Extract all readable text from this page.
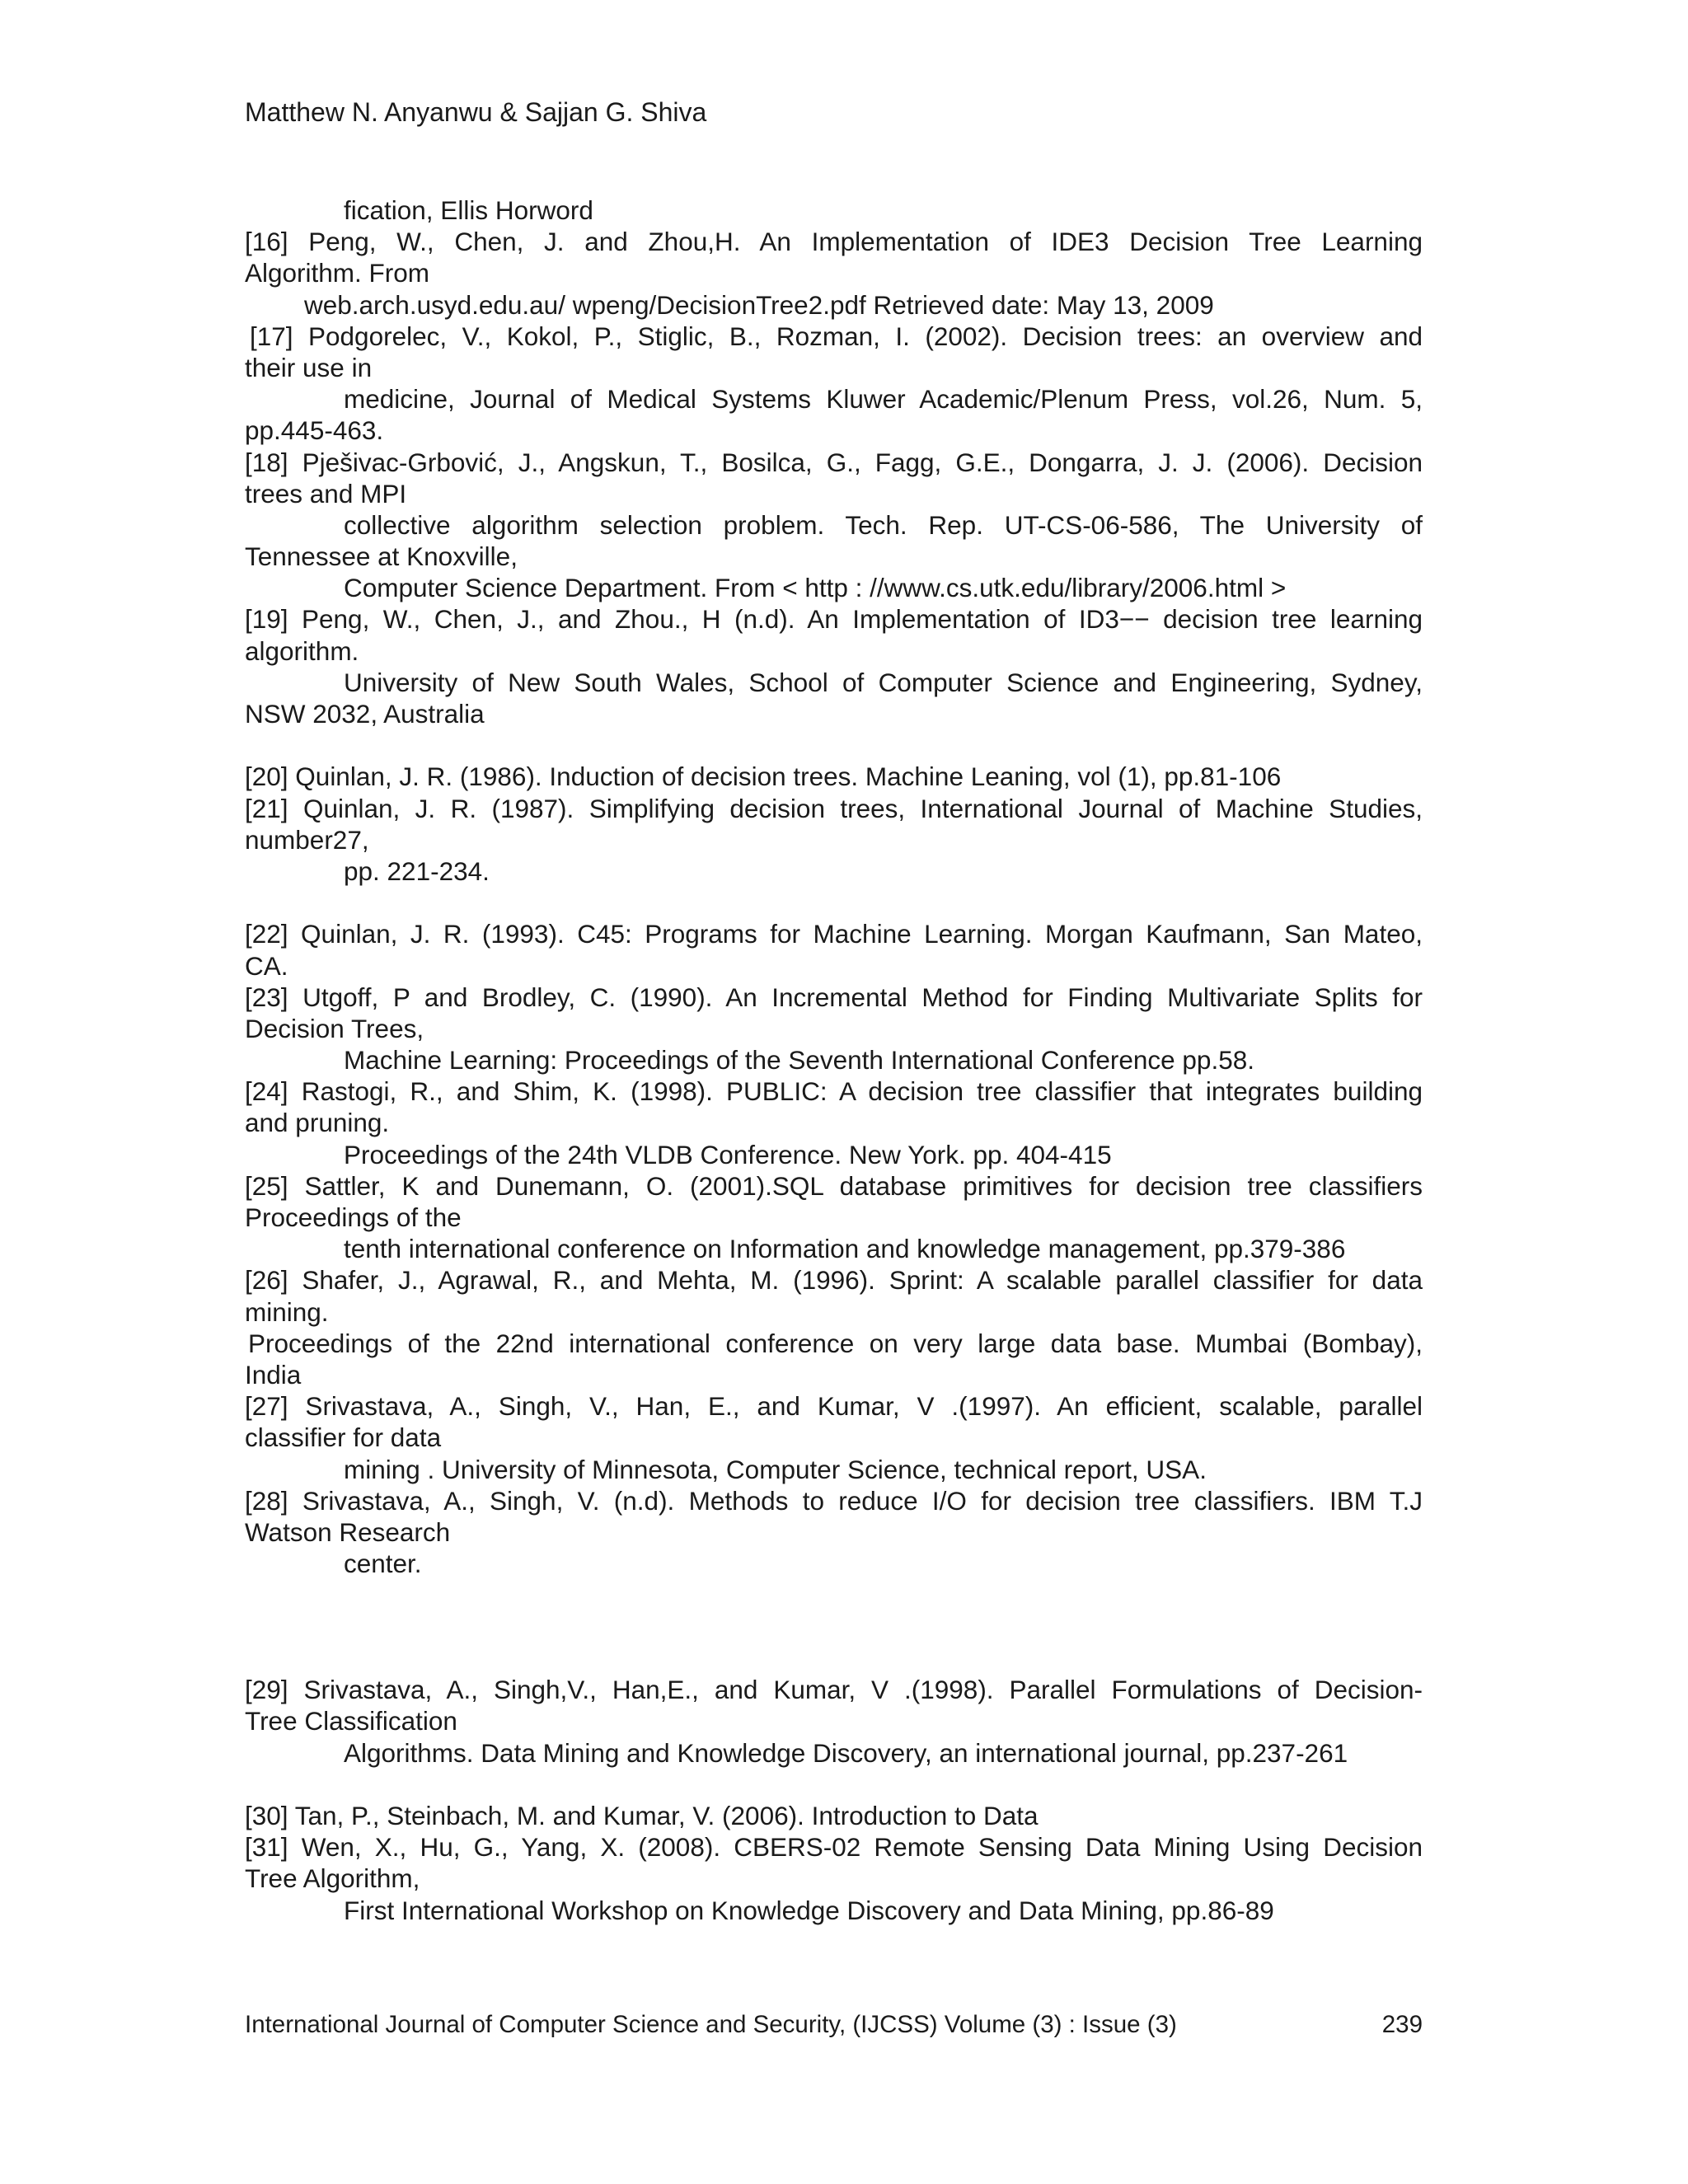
Matthew N. Anyanwu & Sajjan G. Shiva
fication, Ellis Horword
[16] Peng, W., Chen, J. and Zhou,H. An Implementation of IDE3 Decision Tree Learning
Algorithm. From
web.arch.usyd.edu.au/ wpeng/DecisionTree2.pdf Retrieved date: May 13, 2009
[17] Podgorelec, V., Kokol, P., Stiglic, B., Rozman, I. (2002). Decision trees: an overview and
their use in
medicine, Journal of Medical Systems Kluwer Academic/Plenum Press, vol.26, Num. 5,
pp.445-463.
[18] Pješivac-Grbović, J., Angskun, T., Bosilca, G., Fagg, G.E., Dongarra, J. J. (2006). Decision
trees and MPI
collective algorithm selection problem. Tech. Rep. UT-CS-06-586, The University of
Tennessee at Knoxville,
Computer Science Department. From < http : //www.cs.utk.edu/library/2006.html >
[19] Peng, W., Chen, J., and Zhou., H (n.d). An Implementation of ID3−− decision tree learning
algorithm.
University of New South Wales, School of Computer Science and Engineering, Sydney,
NSW 2032, Australia
[20] Quinlan, J. R. (1986). Induction of decision trees. Machine Leaning, vol (1), pp.81-106
[21] Quinlan, J. R. (1987). Simplifying decision trees, International Journal of Machine Studies,
number27,
pp. 221-234.
[22] Quinlan, J. R. (1993). C45: Programs for Machine Learning. Morgan Kaufmann, San Mateo,
CA.
[23] Utgoff, P and Brodley, C. (1990). An Incremental Method for Finding Multivariate Splits for
Decision Trees,
Machine Learning: Proceedings of the Seventh International Conference pp.58.
[24] Rastogi, R., and Shim, K. (1998). PUBLIC: A decision tree classifier that integrates building
and pruning.
Proceedings of the 24th VLDB Conference. New York. pp. 404-415
[25] Sattler, K and Dunemann, O. (2001).SQL database primitives for decision tree classifiers
Proceedings of the
tenth international conference on Information and knowledge management, pp.379-386
[26] Shafer, J., Agrawal, R., and Mehta, M. (1996). Sprint: A scalable parallel classifier for data
mining.
Proceedings of the 22nd international conference on very large data base. Mumbai (Bombay),
India
[27] Srivastava, A., Singh, V., Han, E., and Kumar, V .(1997). An efficient, scalable, parallel
classifier for data
mining . University of Minnesota, Computer Science, technical report, USA.
[28] Srivastava, A., Singh, V. (n.d). Methods to reduce I/O for decision tree classifiers. IBM T.J
Watson Research
center.
[29] Srivastava, A., Singh,V., Han,E., and Kumar, V .(1998). Parallel Formulations of Decision-
Tree Classification
Algorithms. Data Mining and Knowledge Discovery, an international journal, pp.237-261
[30] Tan, P., Steinbach, M. and Kumar, V. (2006). Introduction to Data
[31] Wen, X., Hu, G., Yang, X. (2008). CBERS-02 Remote Sensing Data Mining Using Decision
Tree Algorithm,
First International Workshop on Knowledge Discovery and Data Mining, pp.86-89
International Journal of Computer Science and Security, (IJCSS) Volume (3) : Issue (3)	239
